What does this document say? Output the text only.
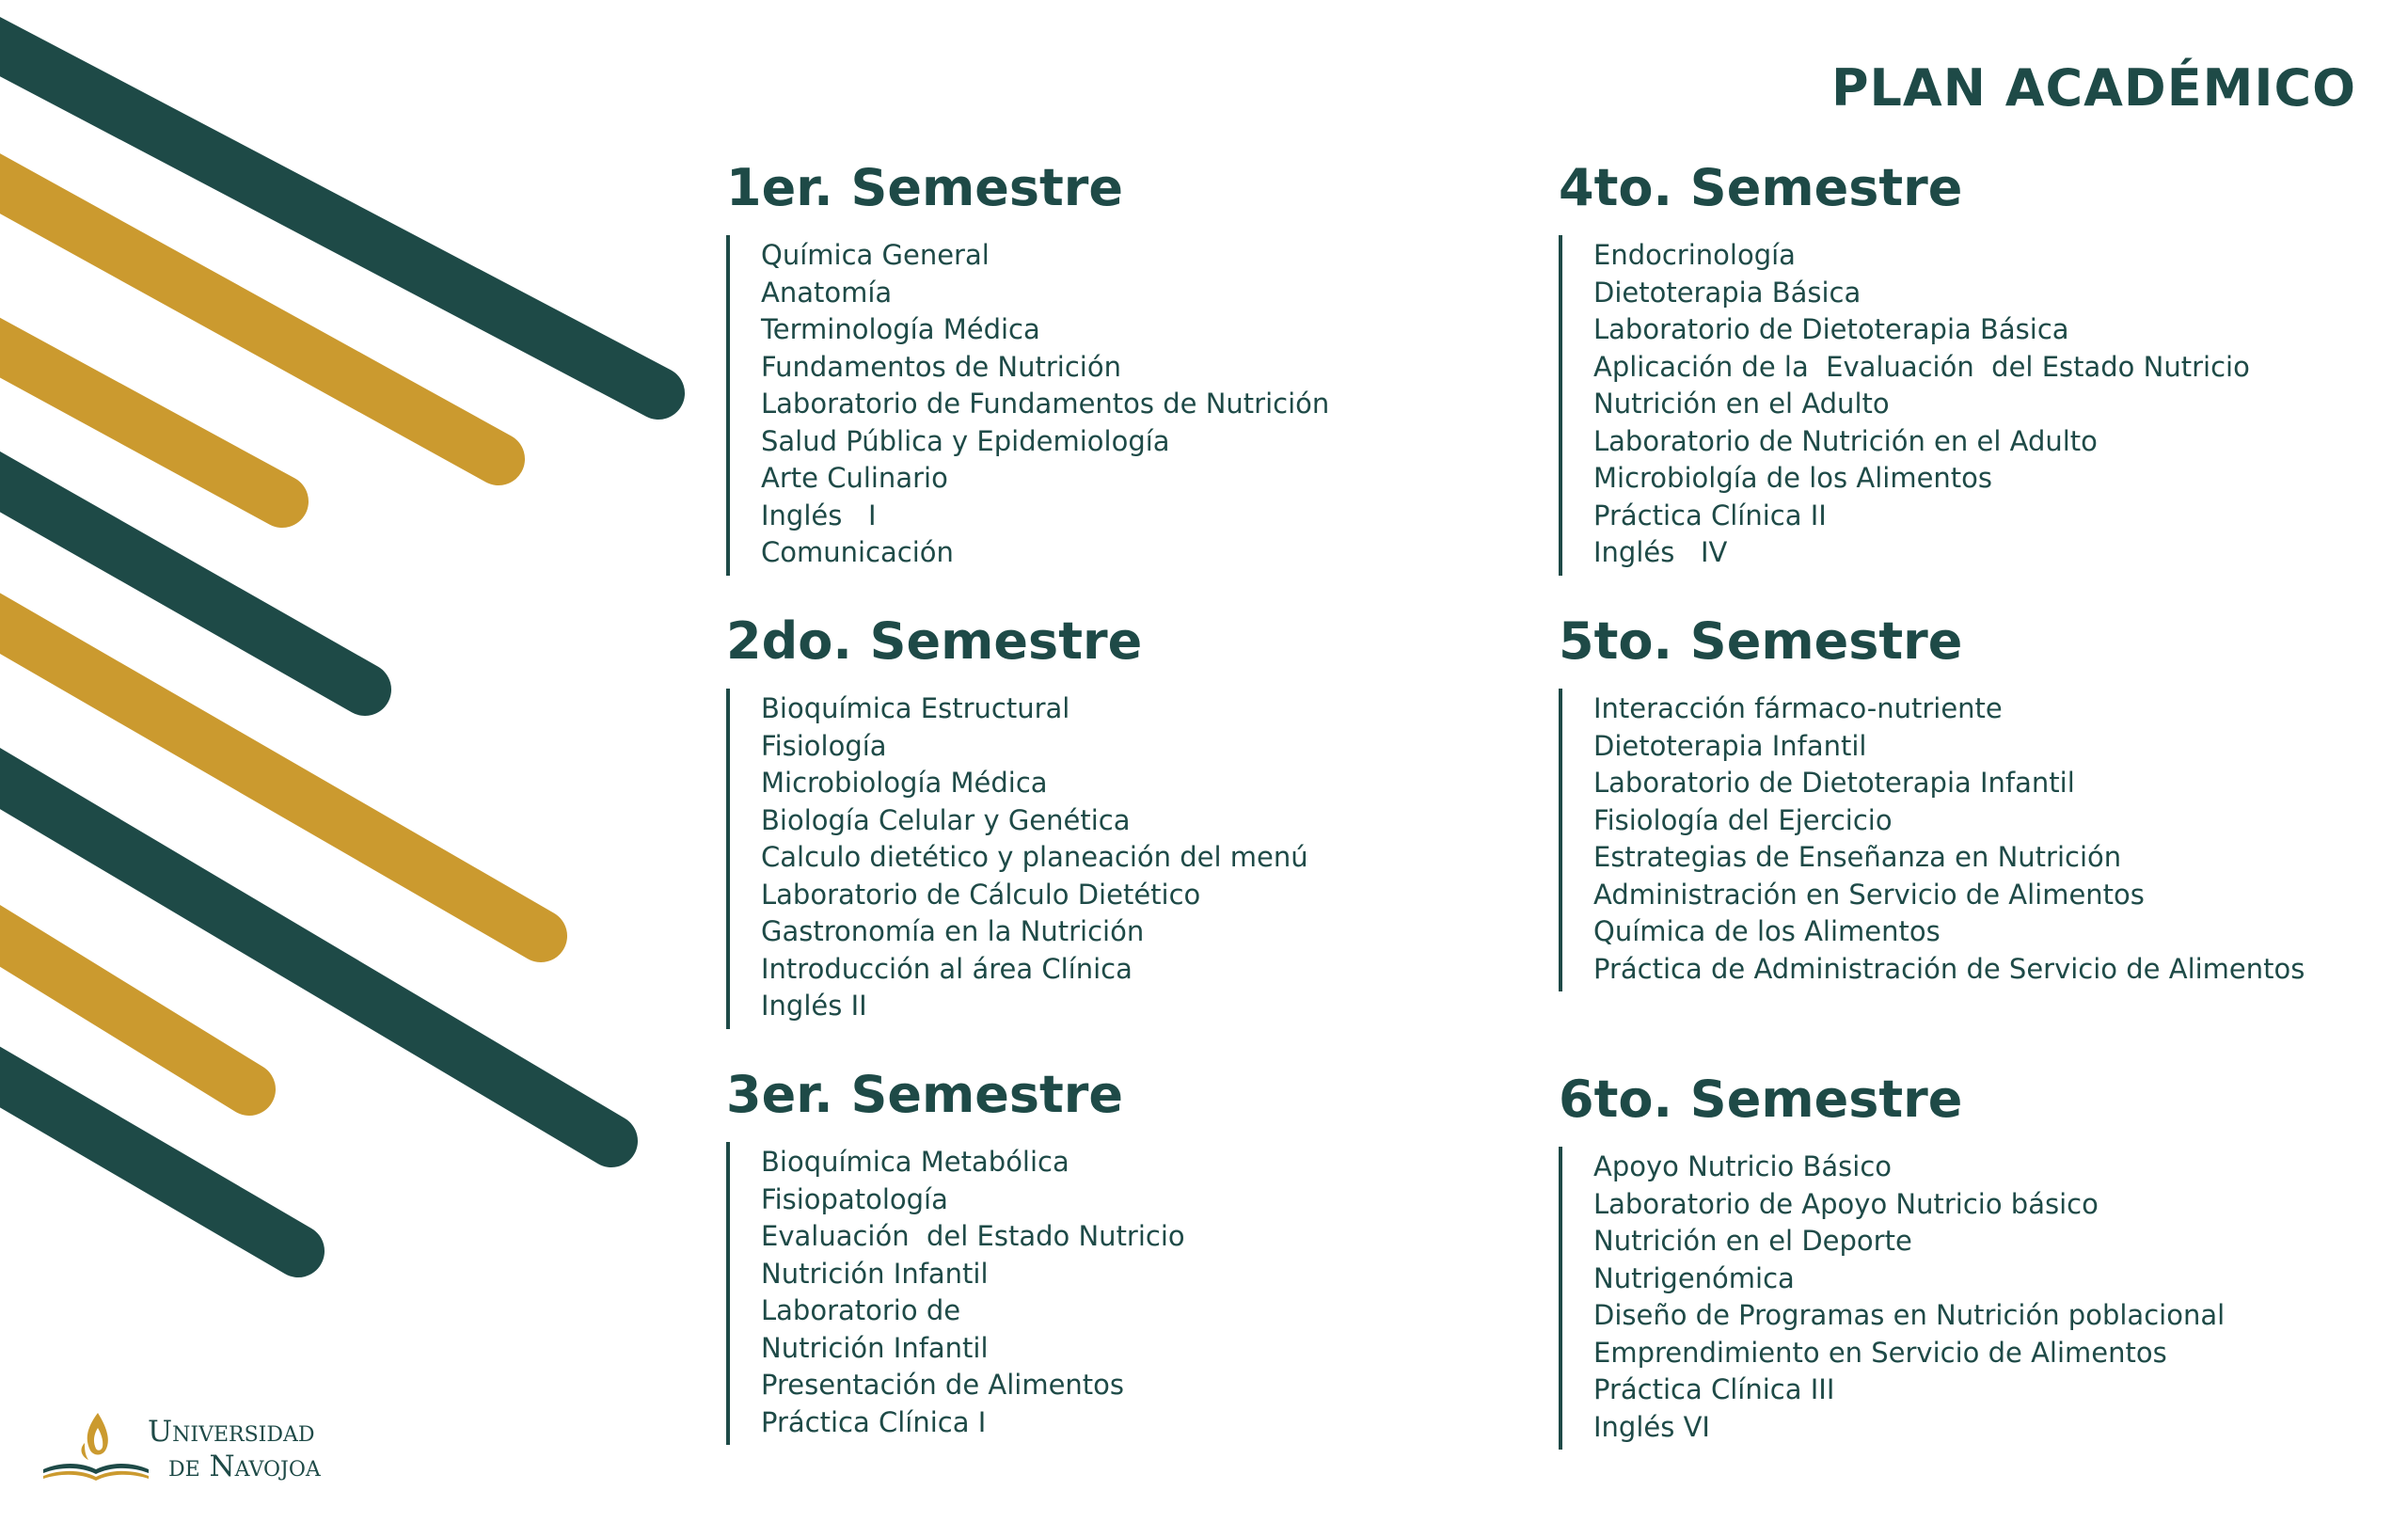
PLAN ACADÉMICO
1er. Semestre
Química General
Anatomía
Terminología Médica
Fundamentos de Nutrición
Laboratorio de Fundamentos de Nutrición
Salud Pública y Epidemiología
Arte Culinario
Inglés   I
Comunicación
2do. Semestre
Bioquímica Estructural
Fisiología
Microbiología Médica
Biología Celular y Genética
Calculo dietético y planeación del menú
Laboratorio de Cálculo Dietético
Gastronomía en la Nutrición
Introducción al área Clínica
Inglés II
3er. Semestre
Bioquímica Metabólica
Fisiopatología
Evaluación  del Estado Nutricio
Nutrición Infantil
Laboratorio de
Nutrición Infantil
Presentación de Alimentos
Práctica Clínica I
4to. Semestre
Endocrinología
Dietoterapia Básica
Laboratorio de Dietoterapia Básica
Aplicación de la  Evaluación  del Estado Nutricio
Nutrición en el Adulto
Laboratorio de Nutrición en el Adulto
Microbiolgía de los Alimentos
Práctica Clínica II
Inglés   IV
5to. Semestre
Interacción fármaco-nutriente
Dietoterapia Infantil
Laboratorio de Dietoterapia Infantil
Fisiología del Ejercicio
Estrategias de Enseñanza en Nutrición
Administración en Servicio de Alimentos
Química de los Alimentos
Práctica de Administración de Servicio de Alimentos
6to. Semestre
Apoyo Nutricio Básico
Laboratorio de Apoyo Nutricio básico
Nutrición en el Deporte
Nutrigenómica
Diseño de Programas en Nutrición poblacional
Emprendimiento en Servicio de Alimentos
Práctica Clínica III
Inglés VI
Universidad
de Navojoa
